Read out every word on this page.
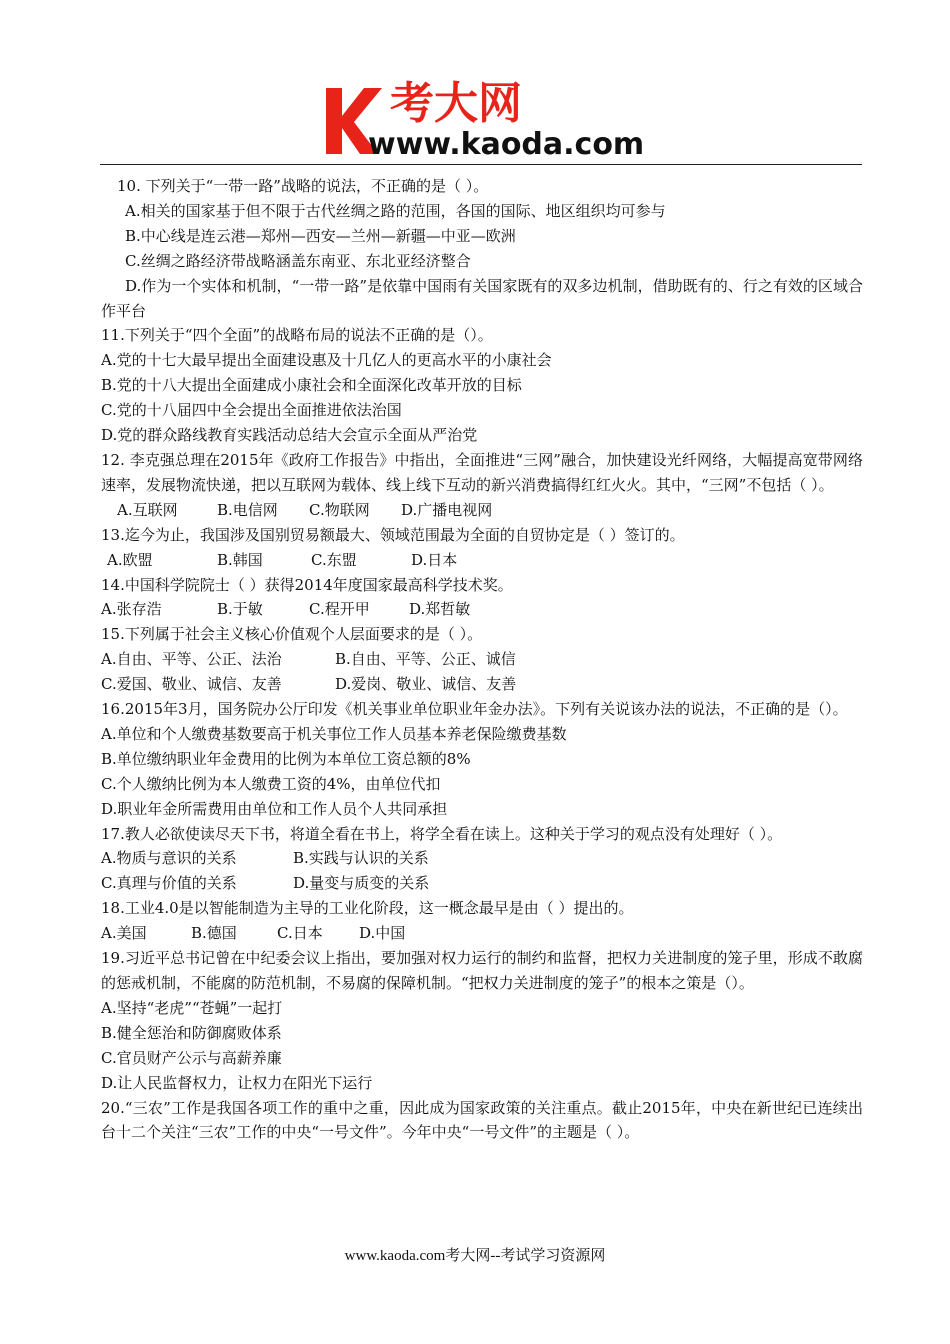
考大网
www.kaoda.com
10. 下列关于“一带一路”战略的说法，不正确的是（ ）。
A.相关的国家基于但不限于古代丝绸之路的范围，各国的国际、地区组织均可参与
B.中心线是连云港—郑州—西安—兰州—新疆—中亚—欧洲
C.丝绸之路经济带战略涵盖东南亚、东北亚经济整合
D.作为一个实体和机制，“一带一路”是依靠中国雨有关国家既有的双多边机制，借助既有的、行之有效的区域合作平台
11.下列关于“四个全面”的战略布局的说法不正确的是（）。
A.党的十七大最早提出全面建设惠及十几亿人的更高水平的小康社会
B.党的十八大提出全面建成小康社会和全面深化改革开放的目标
C.党的十八届四中全会提出全面推进依法治国
D.党的群众路线教育实践活动总结大会宣示全面从严治党
12. 李克强总理在2015年《政府工作报告》中指出，全面推进“三网”融合，加快建设光纤网络，大幅提高宽带网络速率，发展物流快递，把以互联网为载体、线上线下互动的新兴消费搞得红红火火。其中，“三网”不包括（ ）。
A.互联网	B.电信网 C.物联网 D.广播电视网
13.迄今为止，我国涉及国别贸易额最大、领域范围最为全面的自贸协定是（ ）签订的。
A.欧盟	B.韩国	C.东盟	D.日本
14.中国科学院院士（ ）获得2014年度国家最高科学技术奖。
A.张存浩	B.于敏	C.程开甲	D.郑哲敏
15.下列属于社会主义核心价值观个人层面要求的是（ ）。
A.自由、平等、公正、法治	B.自由、平等、公正、诚信
C.爱国、敬业、诚信、友善	D.爱岗、敬业、诚信、友善
16.2015年3月，国务院办公厅印发《机关事业单位职业年金办法》。下列有关说该办法的说法，不正确的是（）。
A.单位和个人缴费基数要高于机关事位工作人员基本养老保险缴费基数
B.单位缴纳职业年金费用的比例为本单位工资总额的8%
C.个人缴纳比例为本人缴费工资的4%，由单位代扣
D.职业年金所需费用由单位和工作人员个人共同承担
17.教人必欲使读尽天下书，将道全看在书上，将学全看在读上。这种关于学习的观点没有处理好（ ）。
A.物质与意识的关系	B.实践与认识的关系
C.真理与价值的关系	D.量变与质变的关系
18.工业4.0是以智能制造为主导的工业化阶段，这一概念最早是由（ ）提出的。
A.美国	B.德国	C.日本 D.中国
19.习近平总书记曾在中纪委会议上指出，要加强对权力运行的制约和监督，把权力关进制度的笼子里，形成不敢腐的惩戒机制，不能腐的防范机制，不易腐的保障机制。“把权力关进制度的笼子”的根本之策是（）。
A.坚持“老虎”“苍蝇”一起打
B.健全惩治和防御腐败体系
C.官员财产公示与高薪养廉
D.让人民监督权力，让权力在阳光下运行
20.“三农”工作是我国各项工作的重中之重，因此成为国家政策的关注重点。截止2015年，中央在新世纪已连续出台十二个关注“三农”工作的中央“一号文件”。今年中央“一号文件”的主题是（ ）。
www.kaoda.com考大网--考试学习资源网
